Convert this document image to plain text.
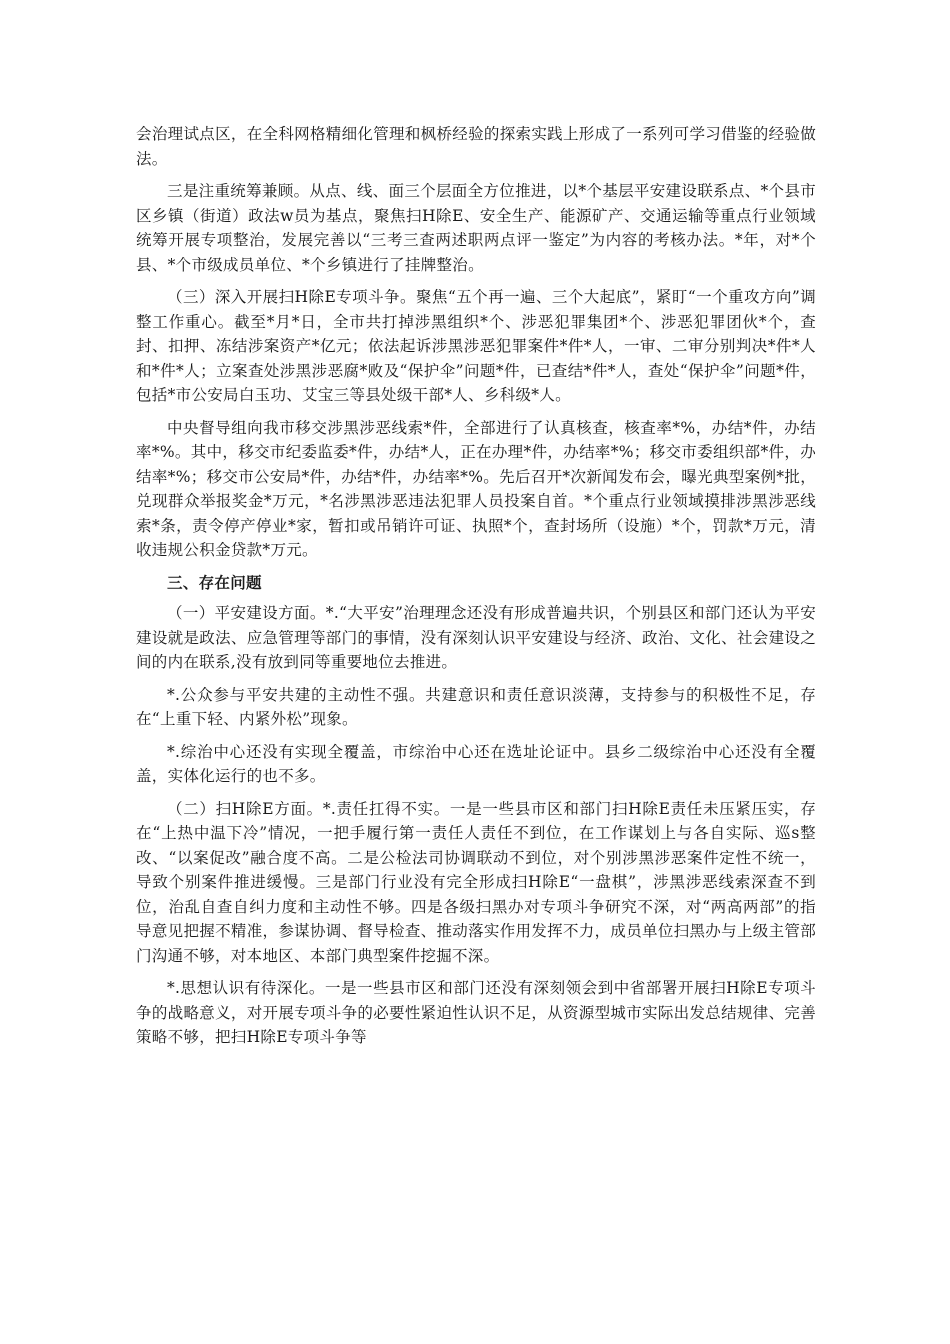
会治理试点区，在全科网格精细化管理和枫桥经验的探索实践上形成了一系列可学习借鉴的经验做法。

三是注重统筹兼顾。从点、线、面三个层面全方位推进，以*个基层平安建设联系点、*个县市区乡镇（街道）政法w员为基点，聚焦扫H除E、安全生产、能源矿产、交通运输等重点行业领域统筹开展专项整治，发展完善以“三考三查两述职两点评一鉴定”为内容的考核办法。*年，对*个县、*个市级成员单位、*个乡镇进行了挂牌整治。

（三）深入开展扫H除E专项斗争。聚焦“五个再一遍、三个大起底”，紧盯“一个重攻方向”调整工作重心。截至*月*日，全市共打掉涉黑组织*个、涉恶犯罪集团*个、涉恶犯罪团伙*个，查封、扣押、冻结涉案资产*亿元；依法起诉涉黑涉恶犯罪案件*件*人，一审、二审分别判决*件*人和*件*人；立案查处涉黑涉恶腐*败及“保护伞”问题*件，已查结*件*人，查处“保护伞”问题*件，包括*市公安局白玉功、艾宝三等县处级干部*人、乡科级*人。

中央督导组向我市移交涉黑涉恶线索*件，全部进行了认真核查，核查率*%，办结*件，办结率*%。其中，移交市纪委监委*件，办结*人，正在办理*件，办结率*%；移交市委组织部*件，办结率*%；移交市公安局*件，办结*件，办结率*%。先后召开*次新闻发布会，曝光典型案例*批，兑现群众举报奖金*万元，*名涉黑涉恶违法犯罪人员投案自首。*个重点行业领域摸排涉黑涉恶线索*条，责令停产停业*家，暂扣或吊销许可证、执照*个，查封场所（设施）*个，罚款*万元，清收违规公积金贷款*万元。

三、存在问题

（一）平安建设方面。*.“大平安”治理理念还没有形成普遍共识，个别县区和部门还认为平安建设就是政法、应急管理等部门的事情，没有深刻认识平安建设与经济、政治、文化、社会建设之间的内在联系,没有放到同等重要地位去推进。

*.公众参与平安共建的主动性不强。共建意识和责任意识淡薄，支持参与的积极性不足，存在“上重下轻、内紧外松”现象。

*.综治中心还没有实现全覆盖，市综治中心还在选址论证中。县乡二级综治中心还没有全覆盖，实体化运行的也不多。

（二）扫H除E方面。*.责任扛得不实。一是一些县市区和部门扫H除E责任未压紧压实，存在“上热中温下冷”情况，一把手履行第一责任人责任不到位，在工作谋划上与各自实际、巡s整改、“以案促改”融合度不高。二是公检法司协调联动不到位，对个别涉黑涉恶案件定性不统一，导致个别案件推进缓慢。三是部门行业没有完全形成扫H除E“一盘棋”，涉黑涉恶线索深查不到位，治乱自查自纠力度和主动性不够。四是各级扫黑办对专项斗争研究不深，对“两高两部”的指导意见把握不精准，参谋协调、督导检查、推动落实作用发挥不力，成员单位扫黑办与上级主管部门沟通不够，对本地区、本部门典型案件挖掘不深。

*.思想认识有待深化。一是一些县市区和部门还没有深刻领会到中省部署开展扫H除E专项斗争的战略意义，对开展专项斗争的必要性紧迫性认识不足，从资源型城市实际出发总结规律、完善策略不够，把扫H除E专项斗争等
